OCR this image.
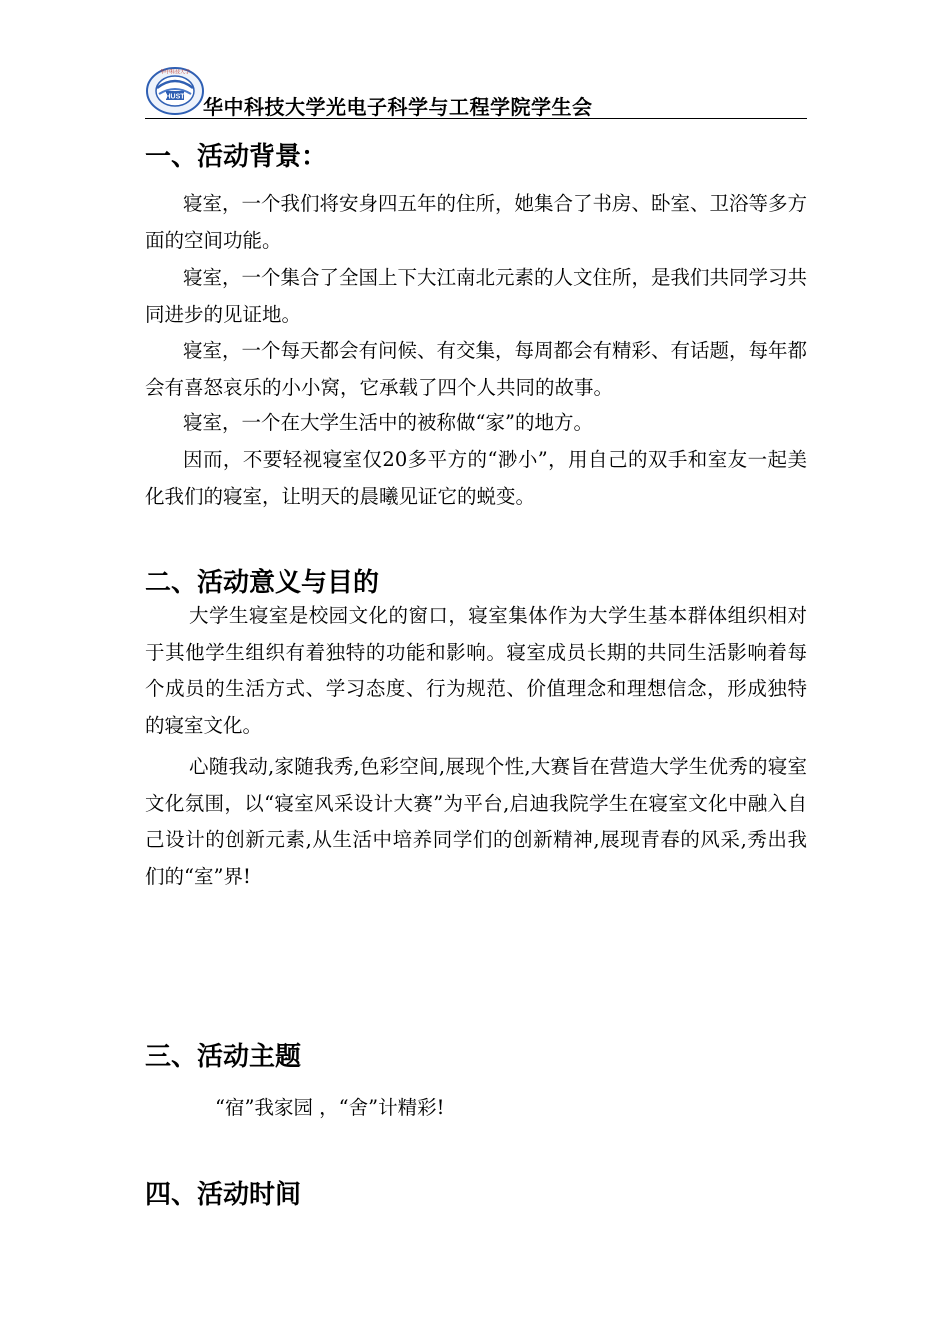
HUST
华中科技大学
华中科技大学光电子科学与工程学院学生会
一、活动背景：

寝室，一个我们将安身四五年的住所，她集合了书房、卧室、卫浴等多方面的空间功能。

寝室，一个集合了全国上下大江南北元素的人文住所，是我们共同学习共同进步的见证地。

寝室，一个每天都会有问候、有交集，每周都会有精彩、有话题，每年都会有喜怒哀乐的小小窝，它承载了四个人共同的故事。

寝室，一个在大学生活中的被称做“家”的地方。

因而，不要轻视寝室仅20多平方的“渺小”，用自己的双手和室友一起美化我们的寝室，让明天的晨曦见证它的蜕变。

二、活动意义与目的

大学生寝室是校园文化的窗口，寝室集体作为大学生基本群体组织相对于其他学生组织有着独特的功能和影响。寝室成员长期的共同生活影响着每个成员的生活方式、学习态度、行为规范、价值理念和理想信念，形成独特的寝室文化。

心随我动,家随我秀,色彩空间,展现个性,大赛旨在营造大学生优秀的寝室文化氛围，以“寝室风采设计大赛”为平台,启迪我院学生在寝室文化中融入自己设计的创新元素,从生活中培养同学们的创新精神,展现青春的风采,秀出我们的“室”界!

三、活动主题

“宿”我家园 ，“舍”计精彩!

四、活动时间
